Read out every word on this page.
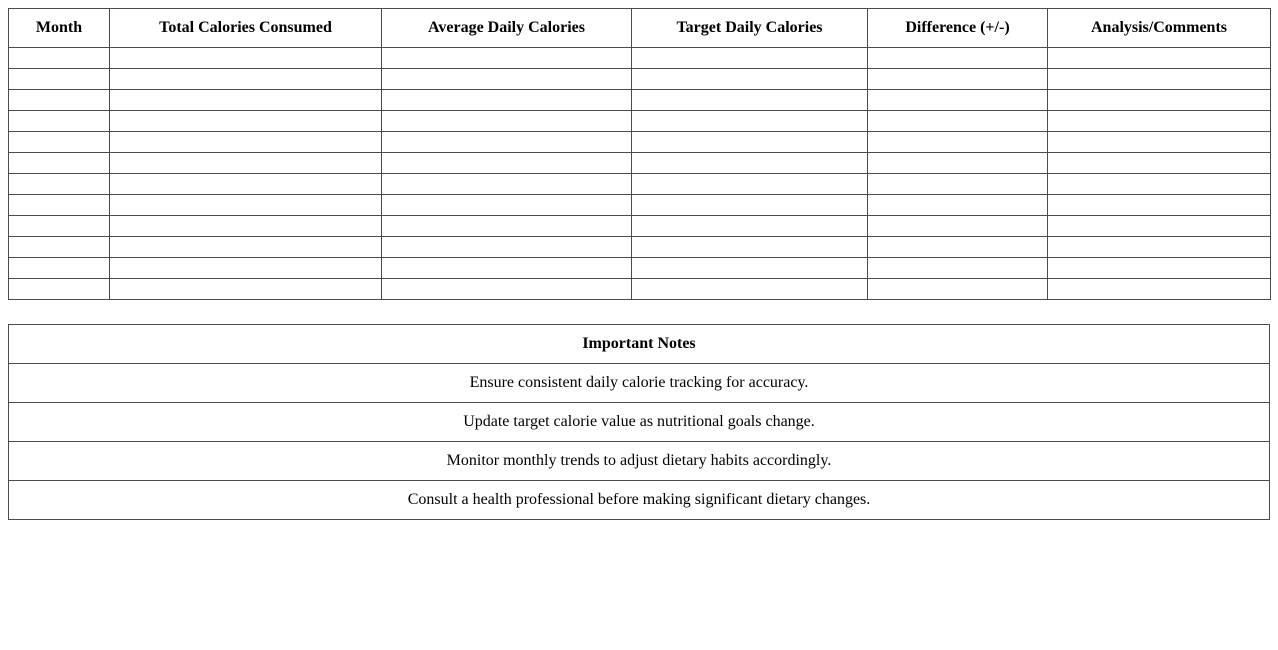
Month	Total Calories Consumed	Average Daily Calories	Target Daily Calories	Difference (+/-)	Analysis/Comments

Important Notes
Ensure consistent daily calorie tracking for accuracy.
Update target calorie value as nutritional goals change.
Monitor monthly trends to adjust dietary habits accordingly.
Consult a health professional before making significant dietary changes.
